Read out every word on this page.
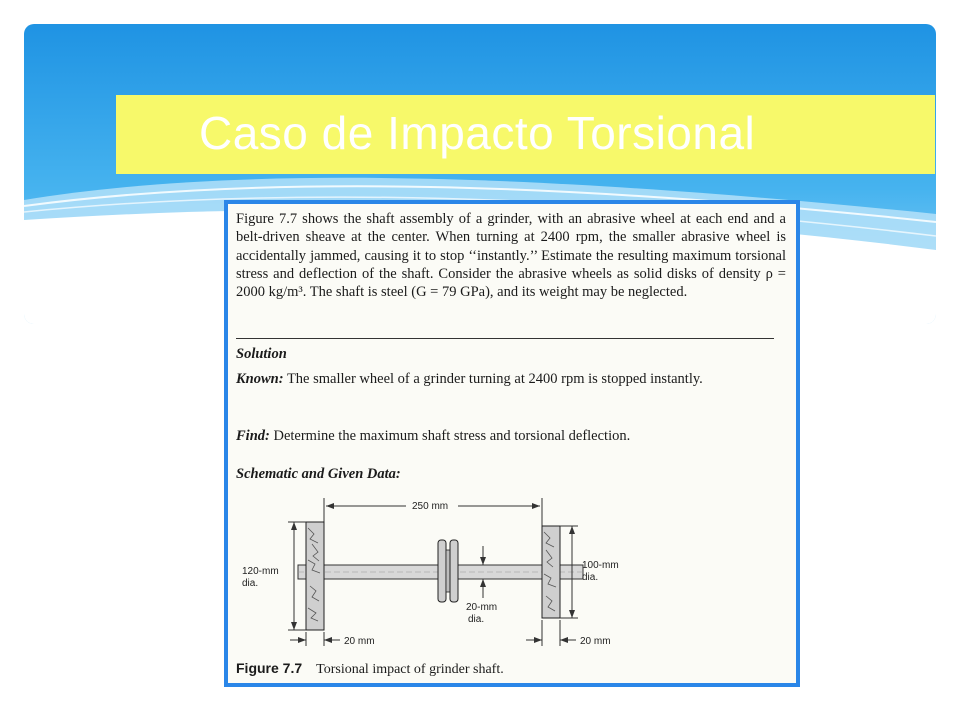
Caso de Impacto Torsional

Figure 7.7 shows the shaft assembly of a grinder, with an abrasive wheel at each end and a belt-driven sheave at the center. When turning at 2400 rpm, the smaller abrasive wheel is accidentally jammed, causing it to stop ‘‘instantly.’’ Estimate the resulting maximum torsional stress and deflection of the shaft. Consider the abrasive wheels as solid disks of density ρ = 2000 kg/m³. The shaft is steel (G = 79 GPa), and its weight may be neglected.

Solution
Known: The smaller wheel of a grinder turning at 2400 rpm is stopped instantly.
Find: Determine the maximum shaft stress and torsional deflection.
Schematic and Given Data:
250 mm
120-mm
dia.
100-mm
dia.
20-mm
dia.
20 mm	20 mm
Figure 7.7 Torsional impact of grinder shaft.
